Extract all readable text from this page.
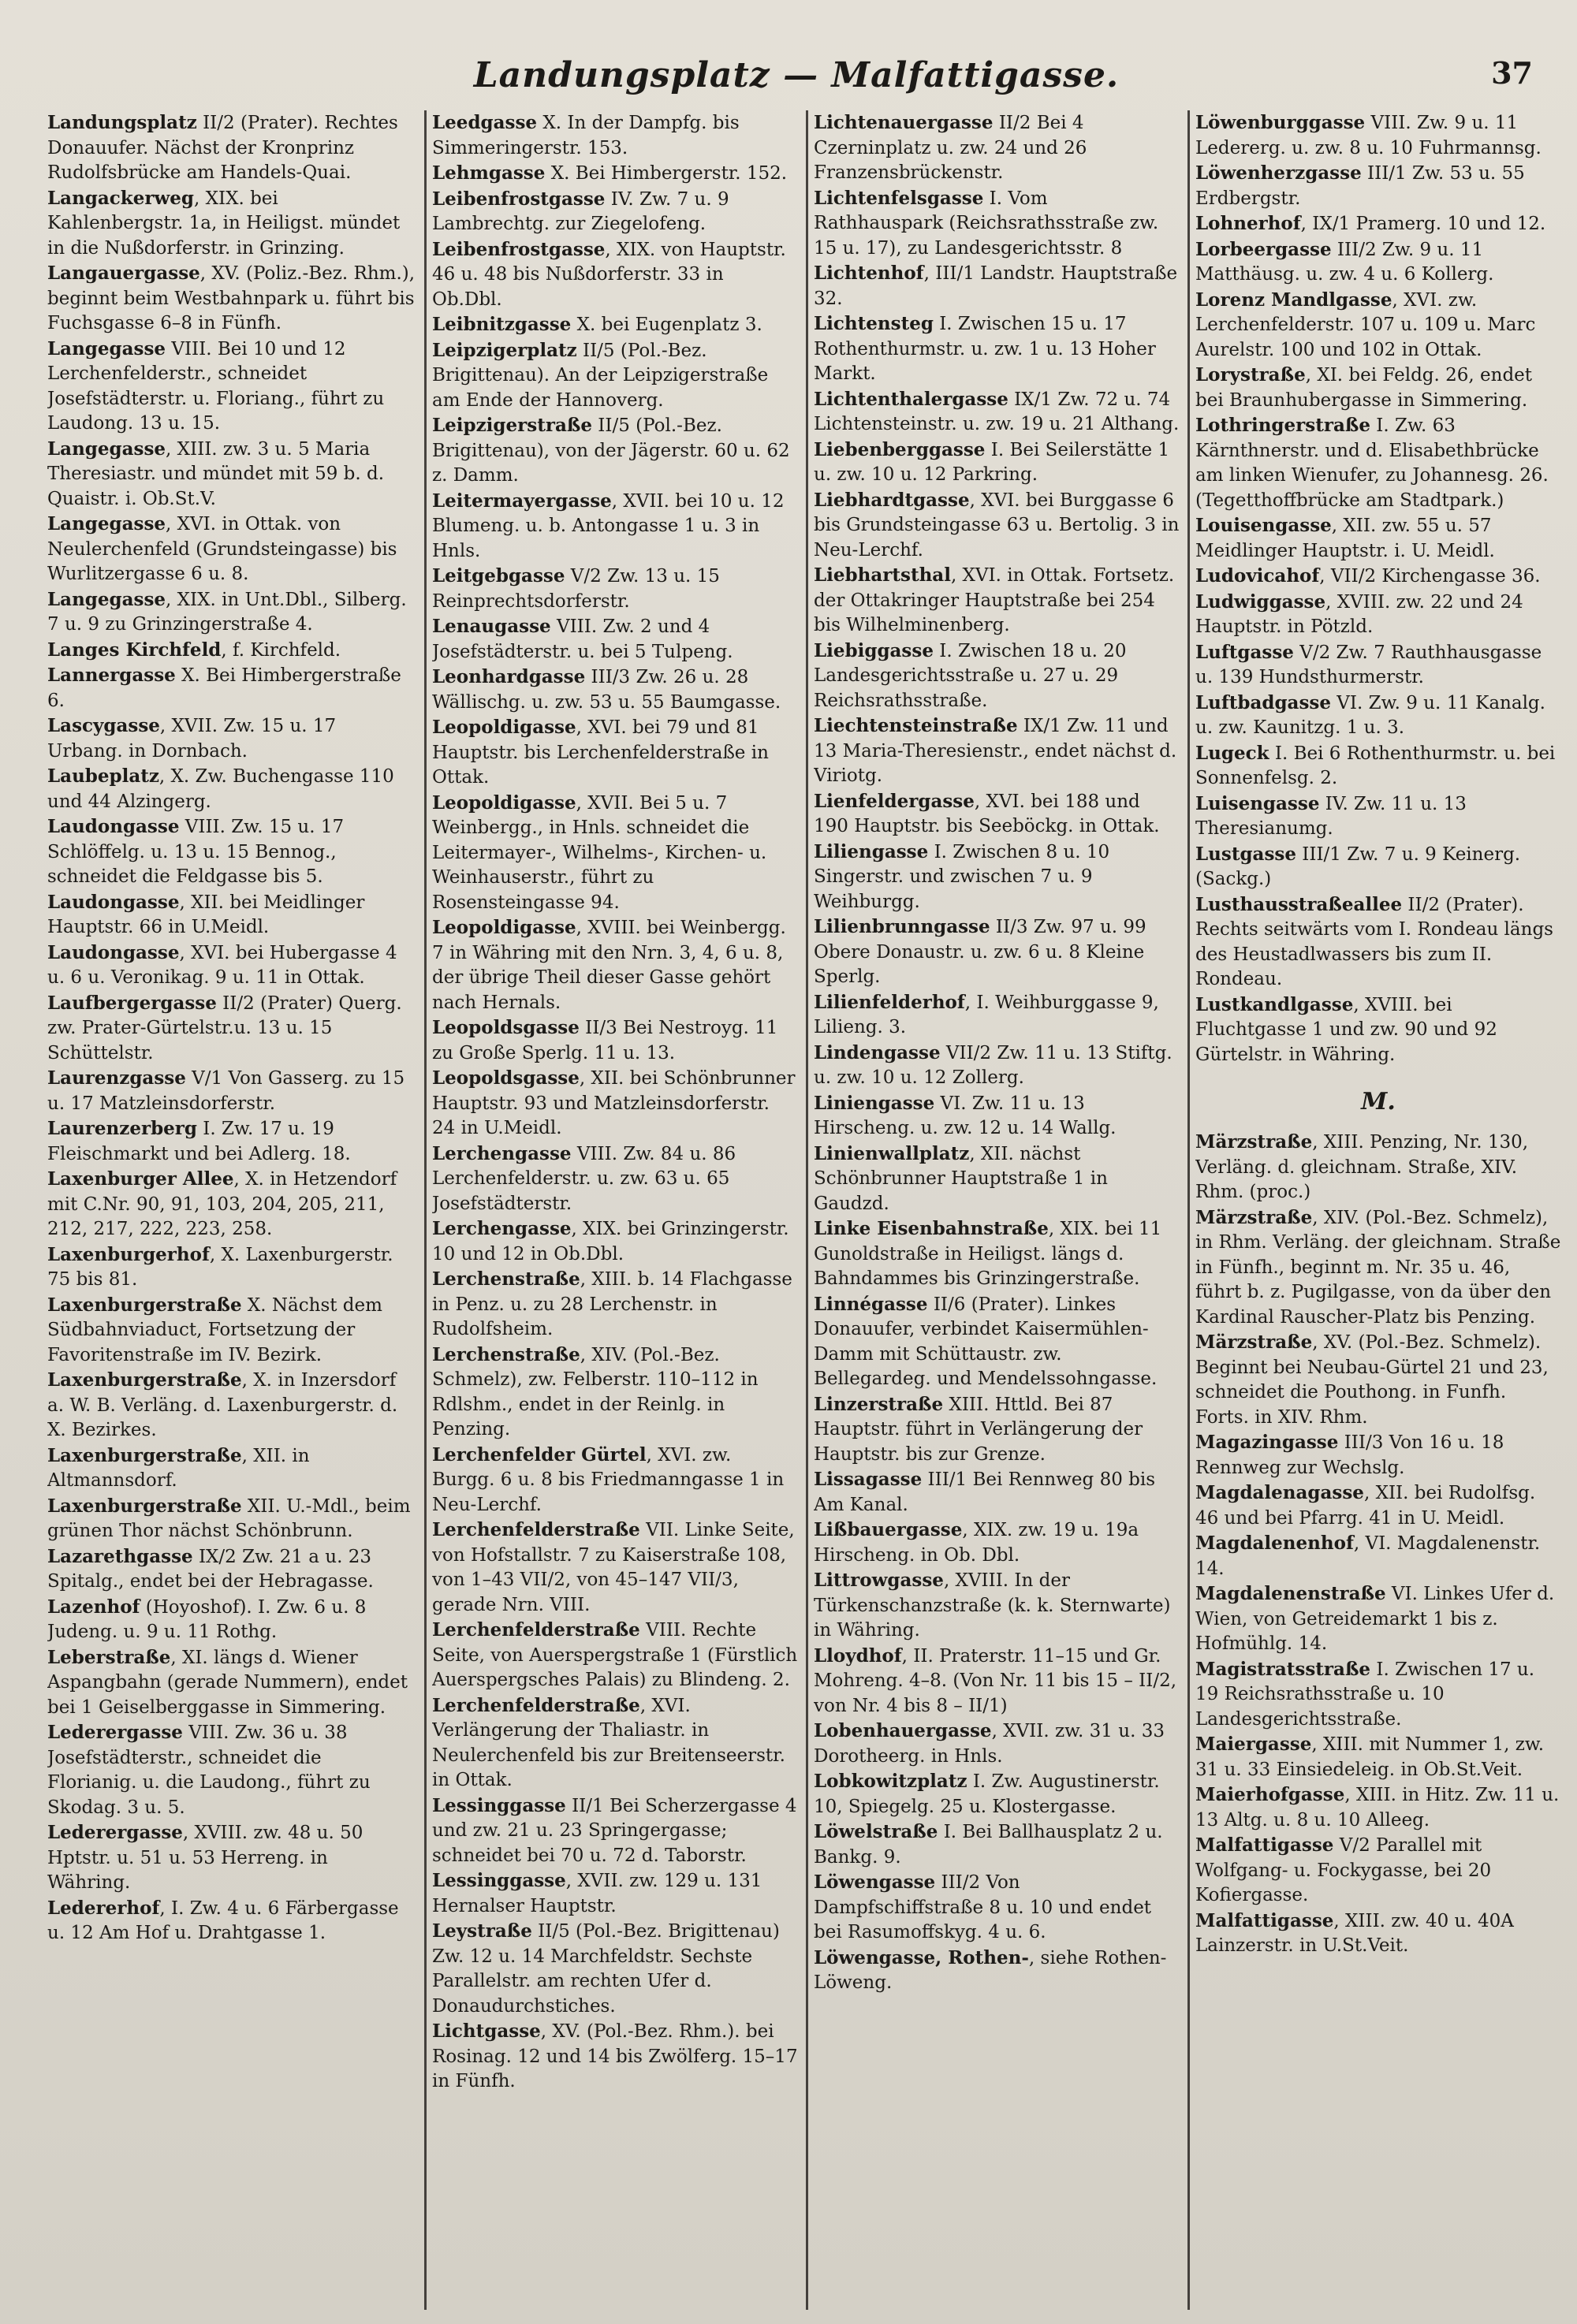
Landungsplatz — Malfattigasse.	37
Landungsplatz II/2 (Prater). Rechtes Donauufer. Nächst der Kronprinz Rudolfsbrücke am Handels-Quai.
Langackerweg, XIX. bei Kahlenbergstr. 1a, in Heiligst. mündet in die Nußdorferstr. in Grinzing.
Langauergasse, XV. (Poliz.-Bez. Rhm.), beginnt beim Westbahnpark u. führt bis Fuchsgasse 6–8 in Fünfh.
Langegasse VIII. Bei 10 und 12 Lerchenfelderstr., schneidet Josefstädterstr. u. Floriang., führt zu Laudong. 13 u. 15.
Langegasse, XIII. zw. 3 u. 5 Maria Theresiastr. und mündet mit 59 b. d. Quaistr. i. Ob.St.V.
Langegasse, XVI. in Ottak. von Neulerchenfeld (Grundsteingasse) bis Wurlitzergasse 6 u. 8.
Langegasse, XIX. in Unt.Dbl., Silberg. 7 u. 9 zu Grinzingerstraße 4.
Langes Kirchfeld, f. Kirchfeld.
Lannergasse X. Bei Himbergerstraße 6.
Lascygasse, XVII. Zw. 15 u. 17 Urbang. in Dornbach.
Laubeplatz, X. Zw. Buchengasse 110 und 44 Alzingerg.
Laudongasse VIII. Zw. 15 u. 17 Schlöffelg. u. 13 u. 15 Bennog., schneidet die Feldgasse bis 5.
Laudongasse, XII. bei Meidlinger Hauptstr. 66 in U.Meidl.
Laudongasse, XVI. bei Hubergasse 4 u. 6 u. Veronikag. 9 u. 11 in Ottak.
Laufbergergasse II/2 (Prater) Querg. zw. Prater-Gürtelstr.u. 13 u. 15 Schüttelstr.
Laurenzgasse V/1 Von Gasserg. zu 15 u. 17 Matzleinsdorferstr.
Laurenzerberg I. Zw. 17 u. 19 Fleischmarkt und bei Adlerg. 18.
Laxenburger Allee, X. in Hetzendorf mit C.Nr. 90, 91, 103, 204, 205, 211, 212, 217, 222, 223, 258.
Laxenburgerhof, X. Laxenburgerstr. 75 bis 81.
Laxenburgerstraße X. Nächst dem Südbahnviaduct, Fortsetzung der Favoritenstraße im IV. Bezirk.
Laxenburgerstraße, X. in Inzersdorf a. W. B. Verläng. d. Laxenburgerstr. d. X. Bezirkes.
Laxenburgerstraße, XII. in Altmannsdorf.
Laxenburgerstraße XII. U.-Mdl., beim grünen Thor nächst Schönbrunn.
Lazarethgasse IX/2 Zw. 21 a u. 23 Spitalg., endet bei der Hebragasse.
Lazenhof (Hoyoshof). I. Zw. 6 u. 8 Judeng. u. 9 u. 11 Rothg.
Leberstraße, XI. längs d. Wiener Aspangbahn (gerade Nummern), endet bei 1 Geiselberggasse in Simmering.
Lederergasse VIII. Zw. 36 u. 38 Josefstädterstr., schneidet die Florianig. u. die Laudong., führt zu Skodag. 3 u. 5.
Lederergasse, XVIII. zw. 48 u. 50 Hptstr. u. 51 u. 53 Herreng. in Währing.
Ledererhof, I. Zw. 4 u. 6 Färbergasse u. 12 Am Hof u. Drahtgasse 1.
Leedgasse X. In der Dampfg. bis Simmeringerstr. 153.
Lehmgasse X. Bei Himbergerstr. 152.
Leibenfrostgasse IV. Zw. 7 u. 9 Lambrechtg. zur Ziegelofeng.
Leibenfrostgasse, XIX. von Hauptstr. 46 u. 48 bis Nußdorferstr. 33 in Ob.Dbl.
Leibnitzgasse X. bei Eugenplatz 3.
Leipzigerplatz II/5 (Pol.-Bez. Brigittenau). An der Leipzigerstraße am Ende der Hannoverg.
Leipzigerstraße II/5 (Pol.-Bez. Brigittenau), von der Jägerstr. 60 u. 62 z. Damm.
Leitermayergasse, XVII. bei 10 u. 12 Blumeng. u. b. Antongasse 1 u. 3 in Hnls.
Leitgebgasse V/2 Zw. 13 u. 15 Reinprechtsdorferstr.
Lenaugasse VIII. Zw. 2 und 4 Josefstädterstr. u. bei 5 Tulpeng.
Leonhardgasse III/3 Zw. 26 u. 28 Wällischg. u. zw. 53 u. 55 Baumgasse.
Leopoldigasse, XVI. bei 79 und 81 Hauptstr. bis Lerchenfelderstraße in Ottak.
Leopoldigasse, XVII. Bei 5 u. 7 Weinbergg., in Hnls. schneidet die Leitermayer-, Wilhelms-, Kirchen- u. Weinhauserstr., führt zu Rosensteingasse 94.
Leopoldigasse, XVIII. bei Weinbergg. 7 in Währing mit den Nrn. 3, 4, 6 u. 8, der übrige Theil dieser Gasse gehört nach Hernals.
Leopoldsgasse II/3 Bei Nestroyg. 11 zu Große Sperlg. 11 u. 13.
Leopoldsgasse, XII. bei Schönbrunner Hauptstr. 93 und Matzleinsdorferstr. 24 in U.Meidl.
Lerchengasse VIII. Zw. 84 u. 86 Lerchenfelderstr. u. zw. 63 u. 65 Josefstädterstr.
Lerchengasse, XIX. bei Grinzingerstr. 10 und 12 in Ob.Dbl.
Lerchenstraße, XIII. b. 14 Flachgasse in Penz. u. zu 28 Lerchenstr. in Rudolfsheim.
Lerchenstraße, XIV. (Pol.-Bez. Schmelz), zw. Felberstr. 110–112 in Rdlshm., endet in der Reinlg. in Penzing.
Lerchenfelder Gürtel, XVI. zw. Burgg. 6 u. 8 bis Friedmanngasse 1 in Neu-Lerchf.
Lerchenfelderstraße VII. Linke Seite, von Hofstallstr. 7 zu Kaiserstraße 108, von 1–43 VII/2, von 45–147 VII/3, gerade Nrn. VIII.
Lerchenfelderstraße VIII. Rechte Seite, von Auerspergstraße 1 (Fürstlich Auerspergsches Palais) zu Blindeng. 2.
Lerchenfelderstraße, XVI. Verlängerung der Thaliastr. in Neulerchenfeld bis zur Breitenseerstr. in Ottak.
Lessinggasse II/1 Bei Scherzergasse 4 und zw. 21 u. 23 Springergasse; schneidet bei 70 u. 72 d. Taborstr.
Lessinggasse, XVII. zw. 129 u. 131 Hernalser Hauptstr.
Leystraße II/5 (Pol.-Bez. Brigittenau) Zw. 12 u. 14 Marchfeldstr. Sechste Parallelstr. am rechten Ufer d. Donaudurchstiches.
Lichtgasse, XV. (Pol.-Bez. Rhm.). bei Rosinag. 12 und 14 bis Zwölferg. 15–17 in Fünfh.
Lichtenauergasse II/2 Bei 4 Czerninplatz u. zw. 24 und 26 Franzensbrückenstr.
Lichtenfelsgasse I. Vom Rathhauspark (Reichsrathsstraße zw. 15 u. 17), zu Landesgerichtsstr. 8
Lichtenhof, III/1 Landstr. Hauptstraße 32.
Lichtensteg I. Zwischen 15 u. 17 Rothenthurmstr. u. zw. 1 u. 13 Hoher Markt.
Lichtenthalergasse IX/1 Zw. 72 u. 74 Lichtensteinstr. u. zw. 19 u. 21 Althang.
Liebenberggasse I. Bei Seilerstätte 1 u. zw. 10 u. 12 Parkring.
Liebhardtgasse, XVI. bei Burggasse 6 bis Grundsteingasse 63 u. Bertolig. 3 in Neu-Lerchf.
Liebhartsthal, XVI. in Ottak. Fortsetz. der Ottakringer Hauptstraße bei 254 bis Wilhelminenberg.
Liebiggasse I. Zwischen 18 u. 20 Landesgerichtsstraße u. 27 u. 29 Reichsrathsstraße.
Liechtensteinstraße IX/1 Zw. 11 und 13 Maria-Theresienstr., endet nächst d. Viriotg.
Lienfeldergasse, XVI. bei 188 und 190 Hauptstr. bis Seeböckg. in Ottak.
Liliengasse I. Zwischen 8 u. 10 Singerstr. und zwischen 7 u. 9 Weihburgg.
Lilienbrunngasse II/3 Zw. 97 u. 99 Obere Donaustr. u. zw. 6 u. 8 Kleine Sperlg.
Lilienfelderhof, I. Weihburggasse 9, Lilieng. 3.
Lindengasse VII/2 Zw. 11 u. 13 Stiftg. u. zw. 10 u. 12 Zollerg.
Liniengasse VI. Zw. 11 u. 13 Hirscheng. u. zw. 12 u. 14 Wallg.
Linienwallplatz, XII. nächst Schönbrunner Hauptstraße 1 in Gaudzd.
Linke Eisenbahnstraße, XIX. bei 11 Gunoldstraße in Heiligst. längs d. Bahndammes bis Grinzingerstraße.
Linnégasse II/6 (Prater). Linkes Donauufer, verbindet Kaisermühlen-Damm mit Schüttaustr. zw. Bellegardeg. und Mendelssohngasse.
Linzerstraße XIII. Httld. Bei 87 Hauptstr. führt in Verlängerung der Hauptstr. bis zur Grenze.
Lissagasse III/1 Bei Rennweg 80 bis Am Kanal.
Lißbauergasse, XIX. zw. 19 u. 19a Hirscheng. in Ob. Dbl.
Littrowgasse, XVIII. In der Türkenschanzstraße (k. k. Sternwarte) in Währing.
Lloydhof, II. Praterstr. 11–15 und Gr. Mohreng. 4–8. (Von Nr. 11 bis 15 – II/2, von Nr. 4 bis 8 – II/1)
Lobenhauergasse, XVII. zw. 31 u. 33 Dorotheerg. in Hnls.
Lobkowitzplatz I. Zw. Augustinerstr. 10, Spiegelg. 25 u. Klostergasse.
Löwelstraße I. Bei Ballhausplatz 2 u. Bankg. 9.
Löwengasse III/2 Von Dampfschiffstraße 8 u. 10 und endet bei Rasumoffskyg. 4 u. 6.
Löwengasse, Rothen-, siehe Rothen-Löweng.
Löwenburggasse VIII. Zw. 9 u. 11 Ledererg. u. zw. 8 u. 10 Fuhrmannsg.
Löwenherzgasse III/1 Zw. 53 u. 55 Erdbergstr.
Lohnerhof, IX/1 Pramerg. 10 und 12.
Lorbeergasse III/2 Zw. 9 u. 11 Matthäusg. u. zw. 4 u. 6 Kollerg.
Lorenz Mandlgasse, XVI. zw. Lerchenfelderstr. 107 u. 109 u. Marc Aurelstr. 100 und 102 in Ottak.
Lorystraße, XI. bei Feldg. 26, endet bei Braunhubergasse in Simmering.
Lothringerstraße I. Zw. 63 Kärnthnerstr. und d. Elisabethbrücke am linken Wienufer, zu Johannesg. 26. (Tegetthoffbrücke am Stadtpark.)
Louisengasse, XII. zw. 55 u. 57 Meidlinger Hauptstr. i. U. Meidl.
Ludovicahof, VII/2 Kirchengasse 36.
Ludwiggasse, XVIII. zw. 22 und 24 Hauptstr. in Pötzld.
Luftgasse V/2 Zw. 7 Rauthhausgasse u. 139 Hundsthurmerstr.
Luftbadgasse VI. Zw. 9 u. 11 Kanalg. u. zw. Kaunitzg. 1 u. 3.
Lugeck I. Bei 6 Rothenthurmstr. u. bei Sonnenfelsg. 2.
Luisengasse IV. Zw. 11 u. 13 Theresianumg.
Lustgasse III/1 Zw. 7 u. 9 Keinerg. (Sackg.)
Lusthausstraßeallee II/2 (Prater). Rechts seitwärts vom I. Rondeau längs des Heustadlwassers bis zum II. Rondeau.
Lustkandlgasse, XVIII. bei Fluchtgasse 1 und zw. 90 und 92 Gürtelstr. in Währing.
M.
Märzstraße, XIII. Penzing, Nr. 130, Verläng. d. gleichnam. Straße, XIV. Rhm. (proc.)
Märzstraße, XIV. (Pol.-Bez. Schmelz), in Rhm. Verläng. der gleichnam. Straße in Fünfh., beginnt m. Nr. 35 u. 46, führt b. z. Pugilgasse, von da über den Kardinal Rauscher-Platz bis Penzing.
Märzstraße, XV. (Pol.-Bez. Schmelz). Beginnt bei Neubau-Gürtel 21 und 23, schneidet die Pouthong. in Funfh. Forts. in XIV. Rhm.
Magazingasse III/3 Von 16 u. 18 Rennweg zur Wechslg.
Magdalenagasse, XII. bei Rudolfsg. 46 und bei Pfarrg. 41 in U. Meidl.
Magdalenenhof, VI. Magdalenenstr. 14.
Magdalenenstraße VI. Linkes Ufer d. Wien, von Getreidemarkt 1 bis z. Hofmühlg. 14.
Magistratsstraße I. Zwischen 17 u. 19 Reichsrathsstraße u. 10 Landesgerichtsstraße.
Maiergasse, XIII. mit Nummer 1, zw. 31 u. 33 Einsiedeleig. in Ob.St.Veit.
Maierhofgasse, XIII. in Hitz. Zw. 11 u. 13 Altg. u. 8 u. 10 Alleeg.
Malfattigasse V/2 Parallel mit Wolfgang- u. Fockygasse, bei 20 Kofiergasse.
Malfattigasse, XIII. zw. 40 u. 40A Lainzerstr. in U.St.Veit.
